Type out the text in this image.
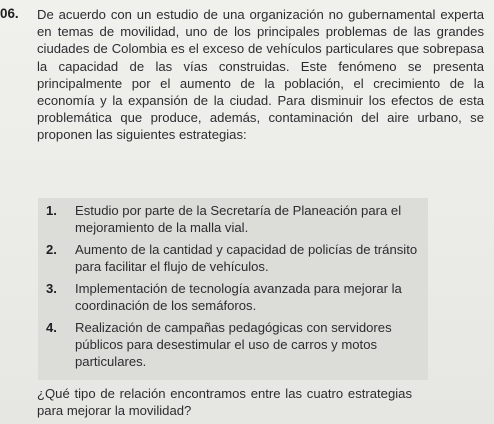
06. De acuerdo con un estudio de una organización no gubernamental experta en temas de movilidad, uno de los principales problemas de las grandes ciudades de Colombia es el exceso de vehículos particulares que sobrepasa la capacidad de las vías construidas. Este fenómeno se presenta principalmente por el aumento de la población, el crecimiento de la economía y la expansión de la ciudad. Para disminuir los efectos de esta problemática que produce, además, contaminación del aire urbano, se proponen las siguientes estrategias:

1. Estudio por parte de la Secretaría de Planeación para el mejoramiento de la malla vial.
2. Aumento de la cantidad y capacidad de policías de tránsito para facilitar el flujo de vehículos.
3. Implementación de tecnología avanzada para mejorar la coordinación de los semáforos.
4. Realización de campañas pedagógicas con servidores públicos para desestimular el uso de carros y motos particulares.

¿Qué tipo de relación encontramos entre las cuatro estrategias para mejorar la movilidad?
